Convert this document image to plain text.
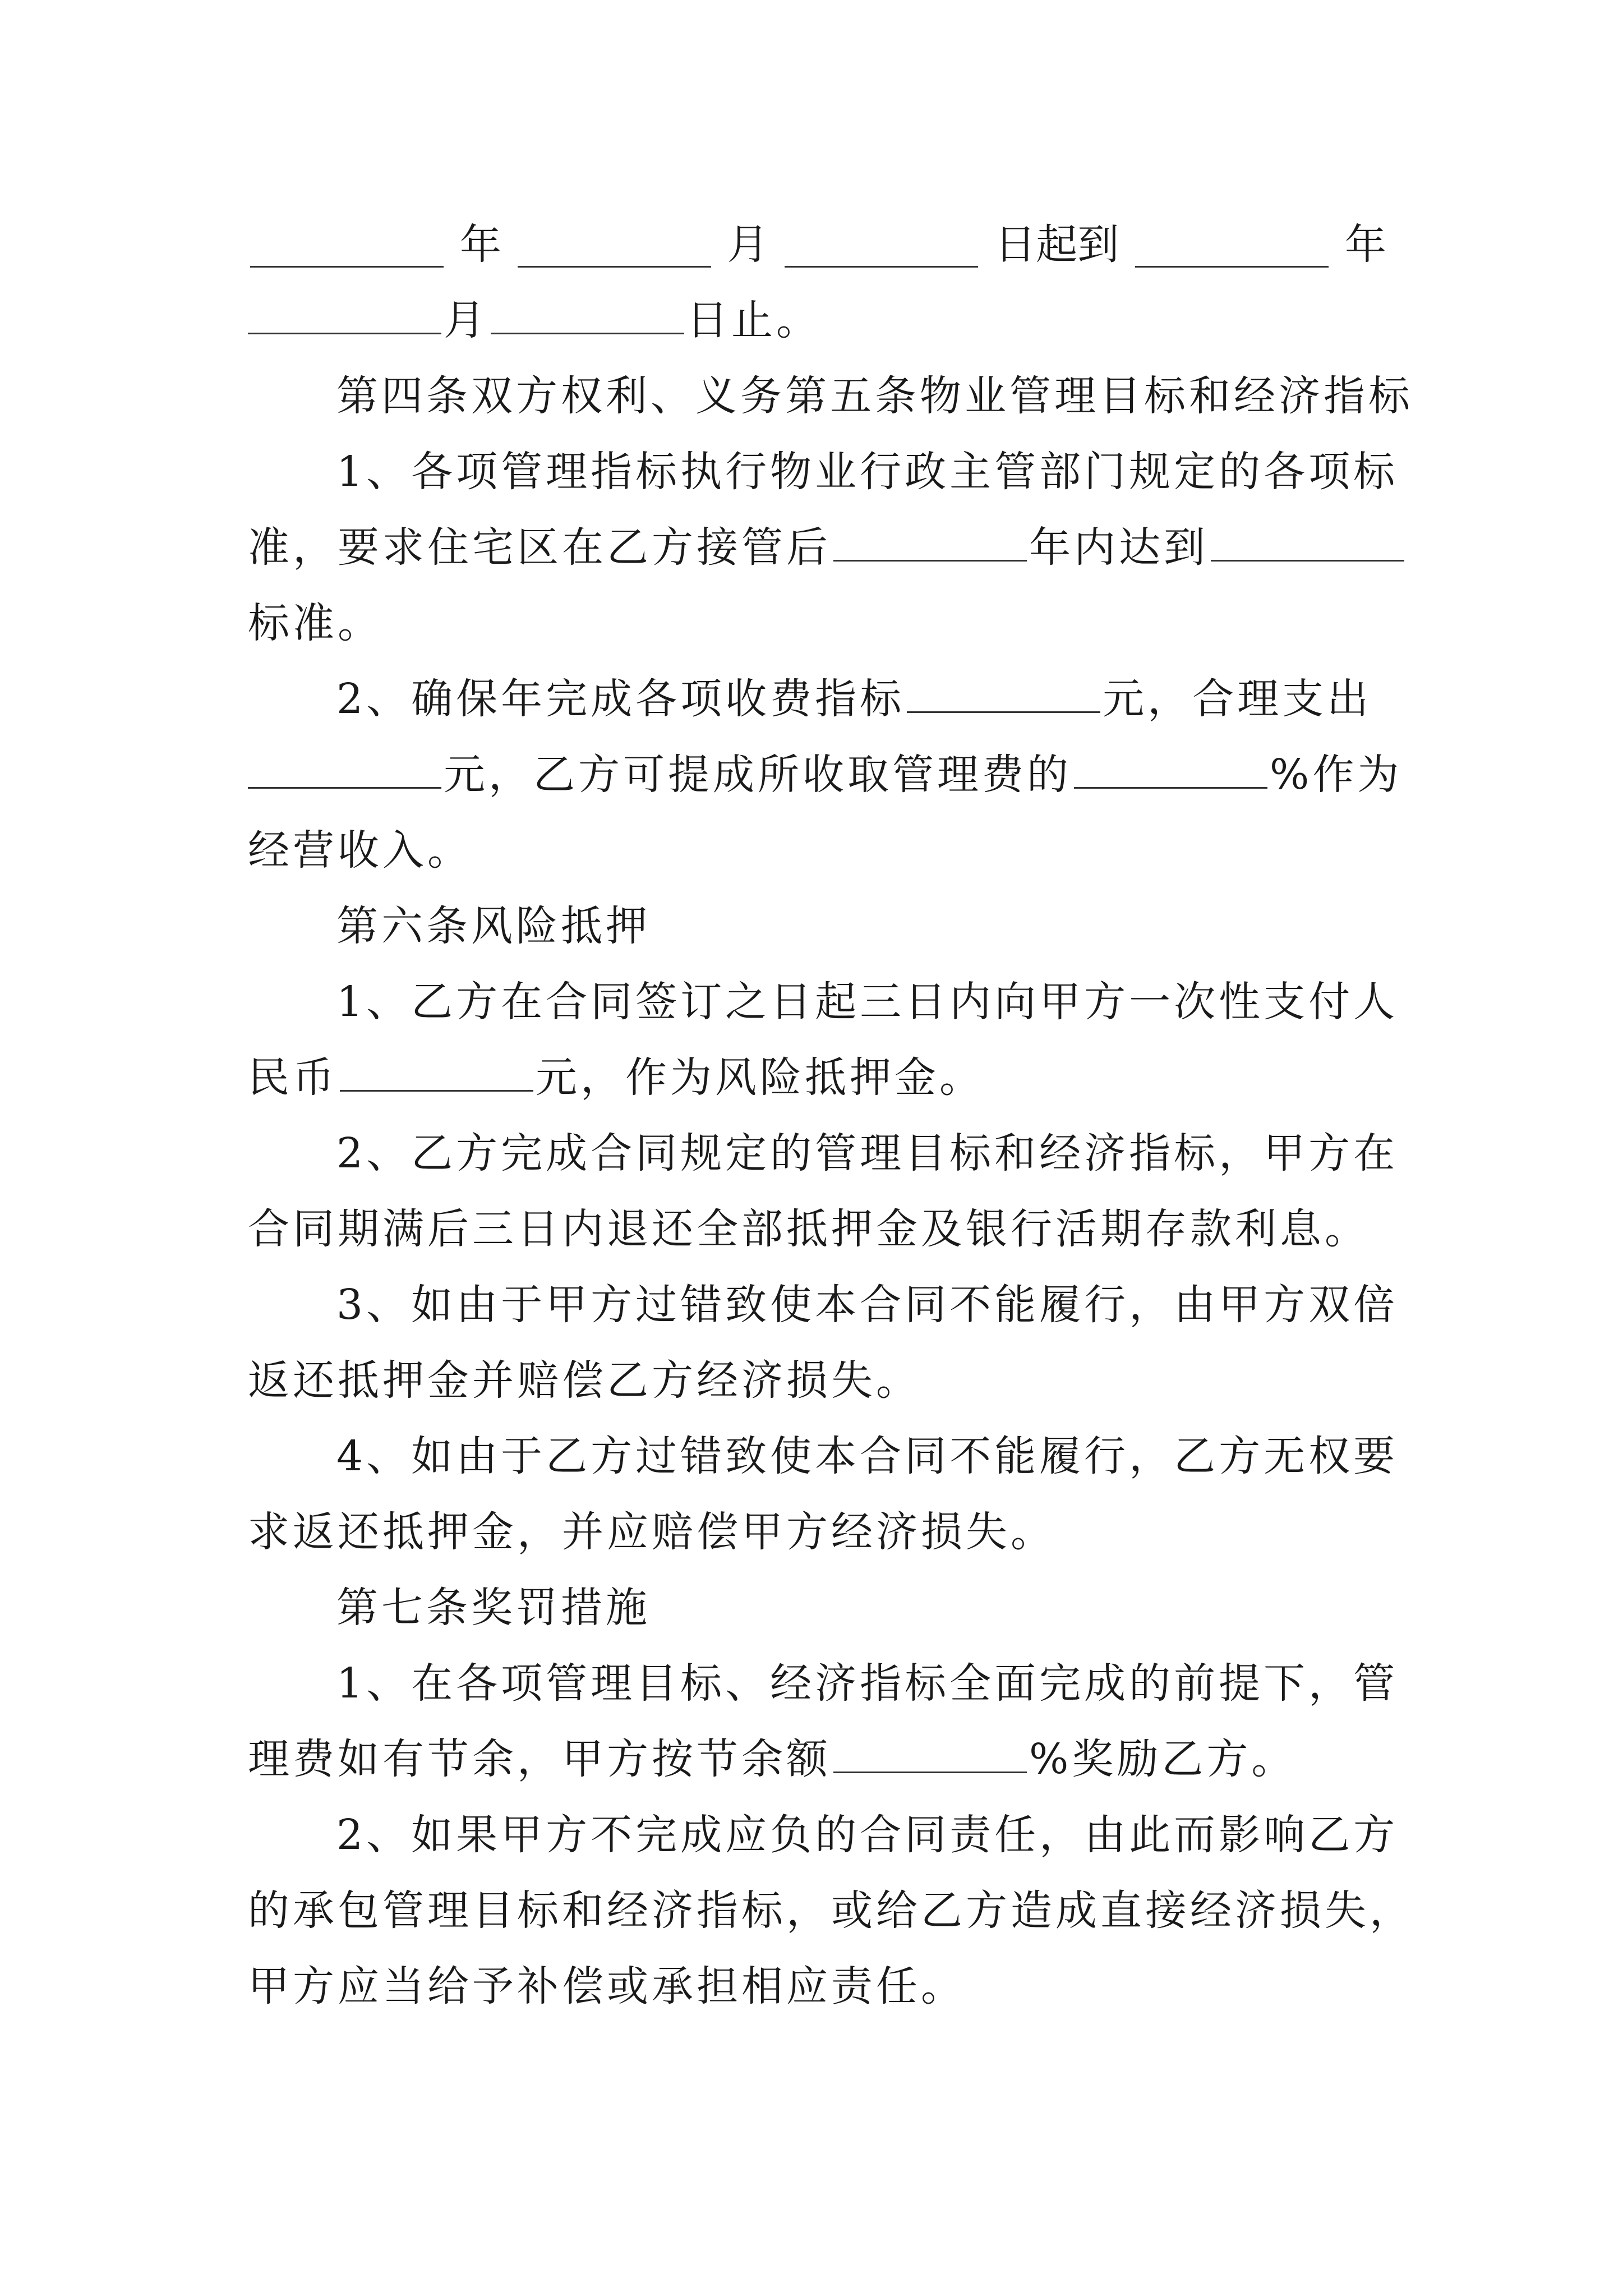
年	月	日起到	年
月	日止。
第四条双方权利、义务第五条物业管理目标和经济指标
1、各项管理指标执行物业行政主管部门规定的各项标
准，要求住宅区在乙方接管后	年内达到
标准。
2、确保年完成各项收费指标	元，合理支出
元，乙方可提成所收取管理费的	%作为
经营收入。
第六条风险抵押
1、乙方在合同签订之日起三日内向甲方一次性支付人
民币	元，作为风险抵押金。
2、乙方完成合同规定的管理目标和经济指标，甲方在
合同期满后三日内退还全部抵押金及银行活期存款利息。
3、如由于甲方过错致使本合同不能履行，由甲方双倍
返还抵押金并赔偿乙方经济损失。
4、如由于乙方过错致使本合同不能履行，乙方无权要
求返还抵押金，并应赔偿甲方经济损失。
第七条奖罚措施
1、在各项管理目标、经济指标全面完成的前提下，管
理费如有节余，甲方按节余额	%奖励乙方。
2、如果甲方不完成应负的合同责任，由此而影响乙方
的承包管理目标和经济指标，或给乙方造成直接经济损失，
甲方应当给予补偿或承担相应责任。
